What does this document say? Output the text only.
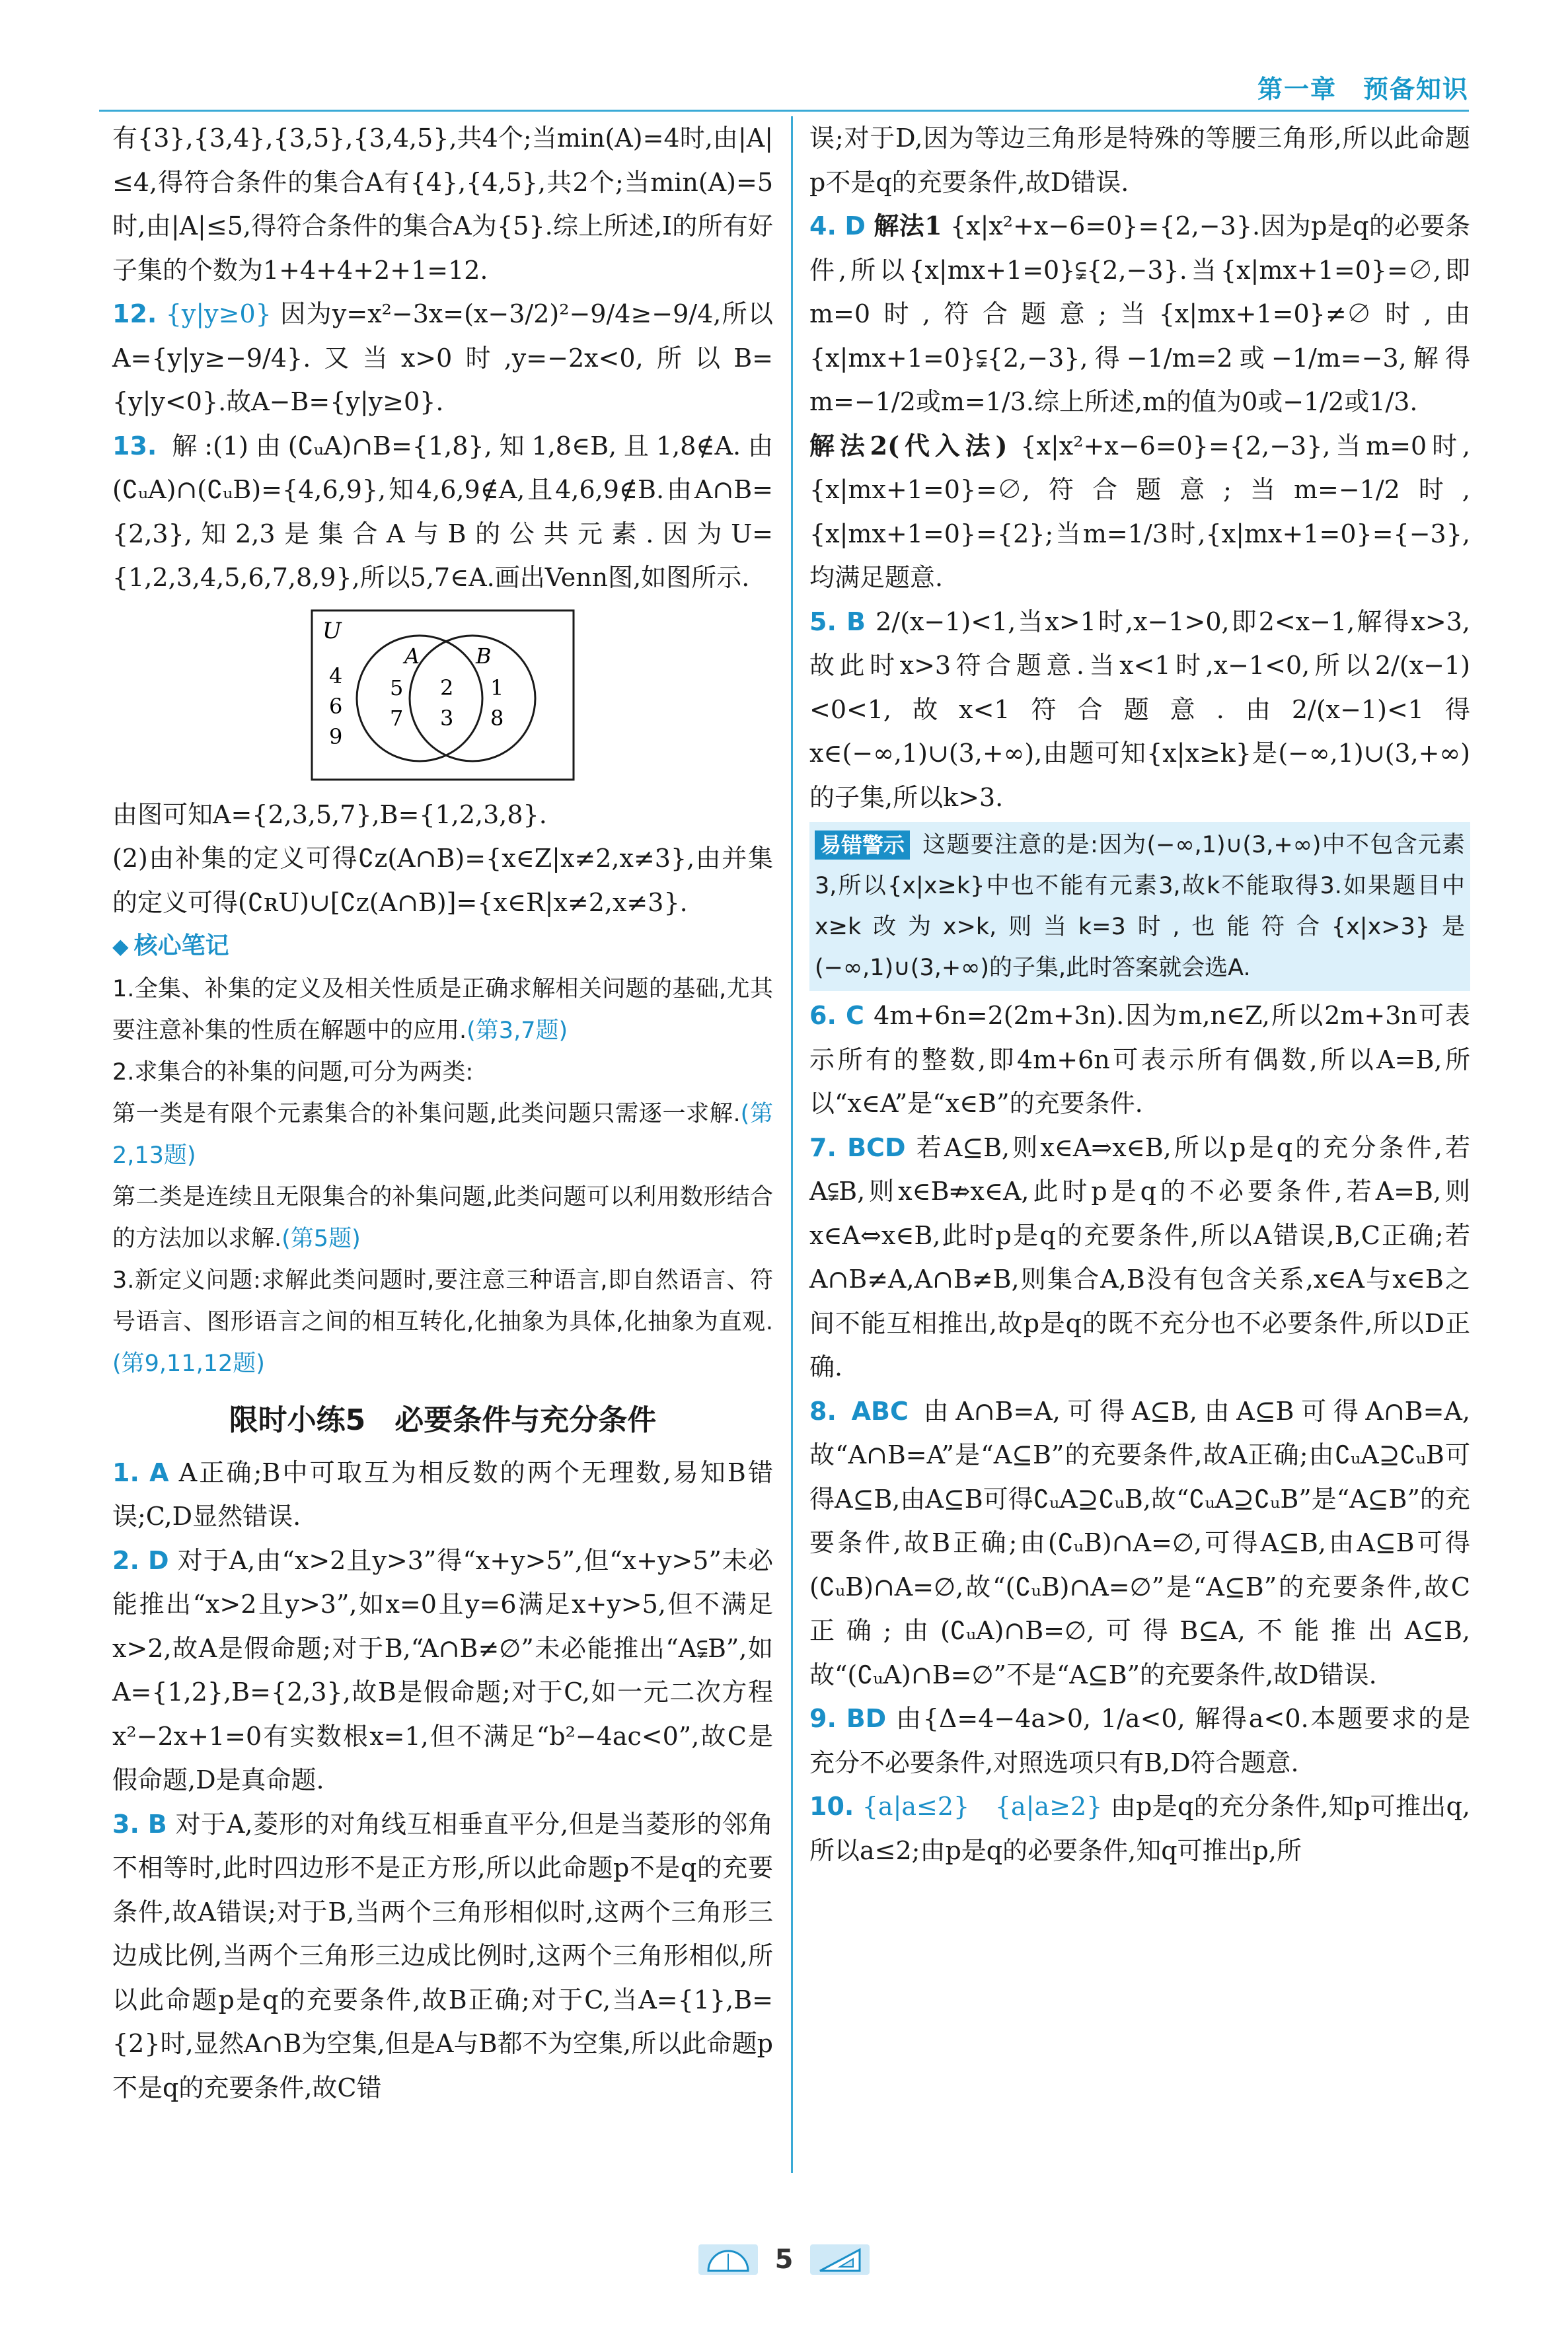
第一章　预备知识

有{3},{3,4},{3,5},{3,4,5},共4个;当min(A)=4时,由|A|≤4,得符合条件的集合A有{4},{4,5},共2个;当min(A)=5时,由|A|≤5,得符合条件的集合A为{5}.综上所述,I的所有好子集的个数为1+4+4+2+1=12.

12. {y|y≥0} 因为y=x²−3x=(x−3/2)²−9/4≥−9/4,所以A={y|y≥−9/4}.又当x>0时,y=−2x<0,所以B={y|y<0}.故A−B={y|y≥0}.

13. 解:(1)由(∁ᵤA)∩B={1,8},知1,8∈B,且1,8∉A.由(∁ᵤA)∩(∁ᵤB)={4,6,9},知4,6,9∉A,且4,6,9∉B.由A∩B={2,3},知2,3是集合A与B的公共元素.因为U={1,2,3,4,5,6,7,8,9},所以5,7∈A.画出Venn图,如图所示.

U
A	B
4
6
9
5
7
2
3
1
8

由图可知A={2,3,5,7},B={1,2,3,8}.

(2)由补集的定义可得∁ᴢ(A∩B)={x∈Z|x≠2,x≠3},由并集的定义可得(∁ʀU)∪[∁ᴢ(A∩B)]={x∈R|x≠2,x≠3}.

◆ 核心笔记

1.全集、补集的定义及相关性质是正确求解相关问题的基础,尤其要注意补集的性质在解题中的应用.(第3,7题)

2.求集合的补集的问题,可分为两类:

第一类是有限个元素集合的补集问题,此类问题只需逐一求解.(第2,13题)

第二类是连续且无限集合的补集问题,此类问题可以利用数形结合的方法加以求解.(第5题)

3.新定义问题:求解此类问题时,要注意三种语言,即自然语言、符号语言、图形语言之间的相互转化,化抽象为具体,化抽象为直观.(第9,11,12题)

限时小练5　必要条件与充分条件

1. A A正确;B中可取互为相反数的两个无理数,易知B错误;C,D显然错误.

2. D 对于A,由“x>2且y>3”得“x+y>5”,但“x+y>5”未必能推出“x>2且y>3”,如x=0且y=6满足x+y>5,但不满足x>2,故A是假命题;对于B,“A∩B≠∅”未必能推出“A⫋B”,如A={1,2},B={2,3},故B是假命题;对于C,如一元二次方程x²−2x+1=0有实数根x=1,但不满足“b²−4ac<0”,故C是假命题,D是真命题.

3. B 对于A,菱形的对角线互相垂直平分,但是当菱形的邻角不相等时,此时四边形不是正方形,所以此命题p不是q的充要条件,故A错误;对于B,当两个三角形相似时,这两个三角形三边成比例,当两个三角形三边成比例时,这两个三角形相似,所以此命题p是q的充要条件,故B正确;对于C,当A={1},B={2}时,显然A∩B为空集,但是A与B都不为空集,所以此命题p不是q的充要条件,故C错

误;对于D,因为等边三角形是特殊的等腰三角形,所以此命题p不是q的充要条件,故D错误.

4. D 解法1 {x|x²+x−6=0}={2,−3}.因为p是q的必要条件,所以{x|mx+1=0}⫋{2,−3}.当{x|mx+1=0}=∅,即m=0时,符合题意;当{x|mx+1=0}≠∅时,由{x|mx+1=0}⫋{2,−3},得−1/m=2或−1/m=−3,解得m=−1/2或m=1/3.综上所述,m的值为0或−1/2或1/3.

解法2(代入法) {x|x²+x−6=0}={2,−3},当m=0时,{x|mx+1=0}=∅,符合题意;当m=−1/2时,{x|mx+1=0}={2};当m=1/3时,{x|mx+1=0}={−3},均满足题意.

5. B 2/(x−1)<1,当x>1时,x−1>0,即2<x−1,解得x>3,故此时x>3符合题意.当x<1时,x−1<0,所以2/(x−1)<0<1,故x<1符合题意.由2/(x−1)<1得x∈(−∞,1)∪(3,+∞),由题可知{x|x≥k}是(−∞,1)∪(3,+∞)的子集,所以k>3.

易错警示 这题要注意的是:因为(−∞,1)∪(3,+∞)中不包含元素3,所以{x|x≥k}中也不能有元素3,故k不能取得3.如果题目中x≥k改为x>k,则当k=3时,也能符合{x|x>3}是(−∞,1)∪(3,+∞)的子集,此时答案就会选A.

6. C 4m+6n=2(2m+3n).因为m,n∈Z,所以2m+3n可表示所有的整数,即4m+6n可表示所有偶数,所以A=B,所以“x∈A”是“x∈B”的充要条件.

7. BCD 若A⊆B,则x∈A⇒x∈B,所以p是q的充分条件,若A⫋B,则x∈B⇏x∈A,此时p是q的不必要条件,若A=B,则x∈A⇔x∈B,此时p是q的充要条件,所以A错误,B,C正确;若A∩B≠A,A∩B≠B,则集合A,B没有包含关系,x∈A与x∈B之间不能互相推出,故p是q的既不充分也不必要条件,所以D正确.

8. ABC 由A∩B=A,可得A⊆B,由A⊆B可得A∩B=A,故“A∩B=A”是“A⊆B”的充要条件,故A正确;由∁ᵤA⊇∁ᵤB可得A⊆B,由A⊆B可得∁ᵤA⊇∁ᵤB,故“∁ᵤA⊇∁ᵤB”是“A⊆B”的充要条件,故B正确;由(∁ᵤB)∩A=∅,可得A⊆B,由A⊆B可得(∁ᵤB)∩A=∅,故“(∁ᵤB)∩A=∅”是“A⊆B”的充要条件,故C正确;由(∁ᵤA)∩B=∅,可得B⊆A,不能推出A⊆B,故“(∁ᵤA)∩B=∅”不是“A⊆B”的充要条件,故D错误.

9. BD 由{Δ=4−4a>0, 1/a<0, 解得a<0.本题要求的是充分不必要条件,对照选项只有B,D符合题意.

10. {a|a≤2}　{a|a≥2} 由p是q的充分条件,知p可推出q,所以a≤2;由p是q的必要条件,知q可推出p,所

5
